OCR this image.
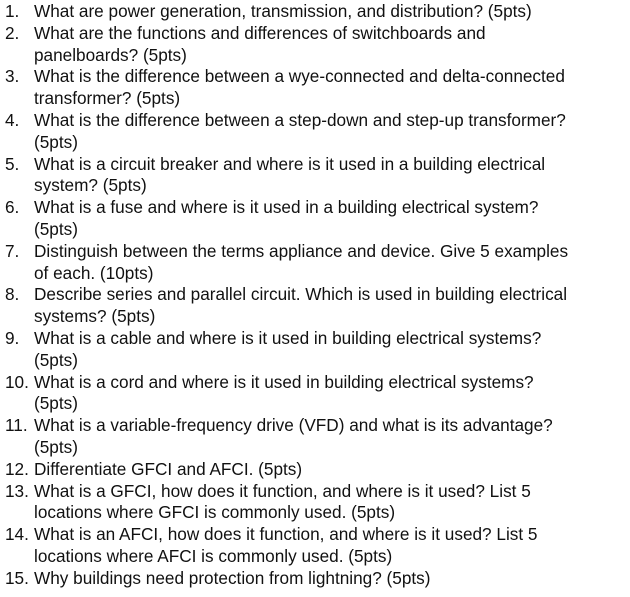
1. What are power generation, transmission, and distribution? (5pts)
2. What are the functions and differences of switchboards and
panelboards? (5pts)
3. What is the difference between a wye-connected and delta-connected
transformer? (5pts)
4. What is the difference between a step-down and step-up transformer?
(5pts)
5. What is a circuit breaker and where is it used in a building electrical
system? (5pts)
6. What is a fuse and where is it used in a building electrical system?
(5pts)
7. Distinguish between the terms appliance and device. Give 5 examples
of each. (10pts)
8. Describe series and parallel circuit. Which is used in building electrical
systems? (5pts)
9. What is a cable and where is it used in building electrical systems?
(5pts)
10. What is a cord and where is it used in building electrical systems?
(5pts)
11. What is a variable-frequency drive (VFD) and what is its advantage?
(5pts)
12. Differentiate GFCI and AFCI. (5pts)
13. What is a GFCI, how does it function, and where is it used? List 5
locations where GFCI is commonly used. (5pts)
14. What is an AFCI, how does it function, and where is it used? List 5
locations where AFCI is commonly used. (5pts)
15. Why buildings need protection from lightning? (5pts)
